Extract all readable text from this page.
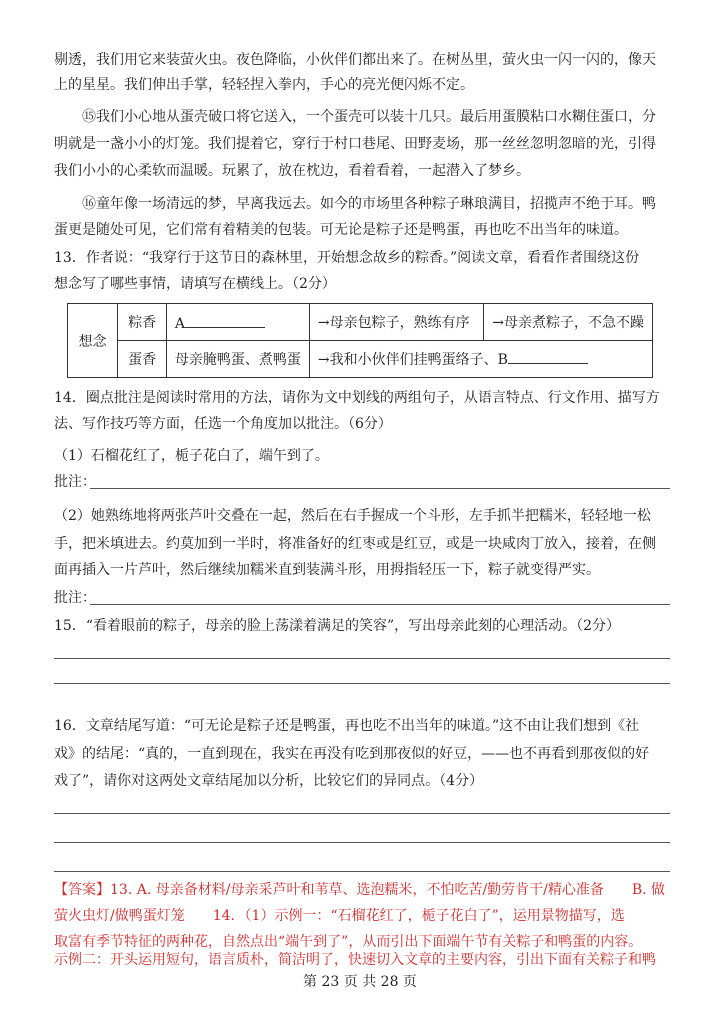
剔透，我们用它来装萤火虫。夜色降临，小伙伴们都出来了。在树丛里，萤火虫一闪一闪的，像天
上的星星。我们伸出手掌，轻轻捏入拳内，手心的亮光便闪烁不定。
⑮我们小心地从蛋壳破口将它送入，一个蛋壳可以装十几只。最后用蛋膜粘口水糊住蛋口，分
明就是一盏小小的灯笼。我们提着它，穿行于村口巷尾、田野麦场，那一丝丝忽明忽暗的光，引得
我们小小的心柔软而温暖。玩累了，放在枕边，看着看着，一起潜入了梦乡。
⑯童年像一场清远的梦，早离我远去。如今的市场里各种粽子琳琅满目，招揽声不绝于耳。鸭
蛋更是随处可见，它们常有着精美的包装。可无论是粽子还是鸭蛋，再也吃不出当年的味道。
13．作者说：“我穿行于这节日的森林里，开始想念故乡的粽香。”阅读文章，看看作者围绕这份
想念写了哪些事情，请填写在横线上。（2分）
想念	粽香	A	→母亲包粽子，熟练有序	→母亲煮粽子，不急不躁
	蛋香	母亲腌鸭蛋、煮鸭蛋	→我和小伙伴们挂鸭蛋络子、B	
14．圈点批注是阅读时常用的方法，请你为文中划线的两组句子，从语言特点、行文作用、描写方
法、写作技巧等方面，任选一个角度加以批注。（6分）
（1）石榴花红了，栀子花白了，端午到了。
批注：
（2）她熟练地将两张芦叶交叠在一起，然后在右手握成一个斗形，左手抓半把糯米，轻轻地一松
手，把米填进去。约莫加到一半时，将准备好的红枣或是红豆，或是一块咸肉丁放入，接着，在侧
面再插入一片芦叶，然后继续加糯米直到装满斗形，用拇指轻压一下，粽子就变得严实。
批注：
15．“看着眼前的粽子，母亲的脸上荡漾着满足的笑容”，写出母亲此刻的心理活动。（2分）
16．文章结尾写道：“可无论是粽子还是鸭蛋，再也吃不出当年的味道。”这不由让我们想到《社
戏》的结尾：“真的，一直到现在，我实在再没有吃到那夜似的好豆，——也不再看到那夜似的好
戏了”，请你对这两处文章结尾加以分析，比较它们的异同点。（4分）
【答案】13. A. 母亲备材料/母亲采芦叶和苇草、选泡糯米，不怕吃苦/勤劳肯干/精心准备　　B. 做
萤火虫灯/做鸭蛋灯笼　　14．（1）示例一：“石榴花红了，栀子花白了”，运用景物描写，选
取富有季节特征的两种花，自然点出“端午到了”，从而引出下面端午节有关粽子和鸭蛋的内容。
示例二：开头运用短句，语言质朴，简洁明了，快速切入文章的主要内容，引出下面有关粽子和鸭
第 23 页 共 28 页
